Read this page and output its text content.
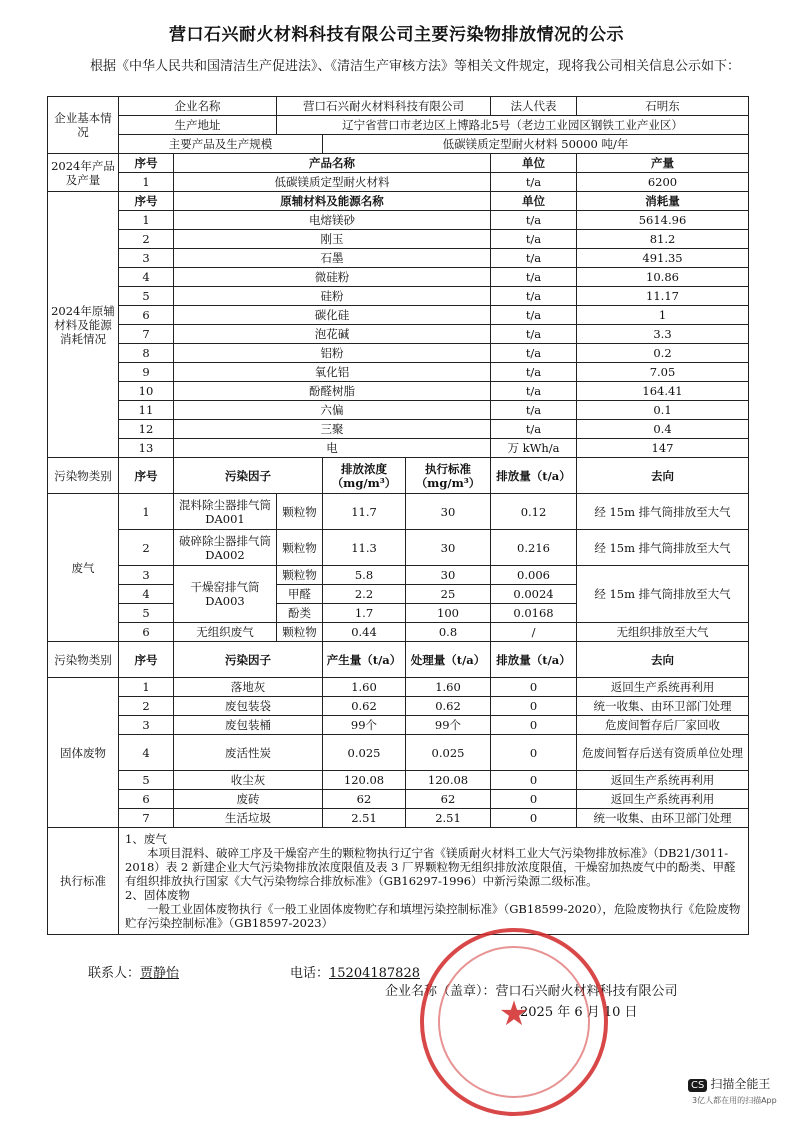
营口石兴耐火材料科技有限公司主要污染物排放情况的公示
根据《中华人民共和国清洁生产促进法》、《清洁生产审核方法》等相关文件规定，现将我公司相关信息公示如下：
企业基本情况	企业名称		营口石兴耐火材料科技有限公司			法人代表	石明东
	生产地址		辽宁省营口市老边区上博路北5号（老边工业园区钢铁工业产业区）				
	主要产品及生产规模			低碳镁质定型耐火材料 50000 吨/年			
2024年产品及产量	序号	产品名称				单位	产量
	1	低碳镁质定型耐火材料				t/a	6200
2024年原辅材料及能源消耗情况	序号	原辅材料及能源名称				单位	消耗量
	1	电熔镁砂				t/a	5614.96
	2	刚玉				t/a	81.2
	3	石墨				t/a	491.35
	4	微硅粉				t/a	10.86
	5	硅粉				t/a	11.17
	6	碳化硅				t/a	1
	7	泡花碱				t/a	3.3
	8	铝粉				t/a	0.2
	9	氧化铝				t/a	7.05
	10	酚醛树脂				t/a	164.41
	11	六偏				t/a	0.1
	12	三聚				t/a	0.4
	13	电				万 kWh/a	147
污染物类别	序号	污染因子		排放浓度（mg/m³）	执行标准（mg/m³）	排放量（t/a）	去向
废气	1	混料除尘器排气筒 DA001	颗粒物	11.7	30	0.12	经 15m 排气筒排放至大气
	2	破碎除尘器排气筒 DA002	颗粒物	11.3	30	0.216	经 15m 排气筒排放至大气
	3	干燥窑排气筒 DA003	颗粒物	5.8	30	0.006	经 15m 排气筒排放至大气
	4		甲醛	2.2	25	0.0024	
	5		酚类	1.7	100	0.0168	
	6	无组织废气	颗粒物	0.44	0.8	/	无组织排放至大气
污染物类别	序号	污染因子		产生量（t/a）	处理量（t/a）	排放量（t/a）	去向
固体废物	1	落地灰		1.60	1.60	0	返回生产系统再利用
	2	废包装袋		0.62	0.62	0	统一收集、由环卫部门处理
	3	废包装桶		99个	99个	0	危废间暂存后厂家回收
	4	废活性炭		0.025	0.025	0	危废间暂存后送有资质单位处理
	5	收尘灰		120.08	120.08	0	返回生产系统再利用
	6	废砖		62	62	0	返回生产系统再利用
	7	生活垃圾		2.51	2.51	0	统一收集、由环卫部门处理
执行标准	1、废气
本项目混料、破碎工序及干燥窑产生的颗粒物执行辽宁省《镁质耐火材料工业大气污染物排放标准》（DB21/3011-2018）表 2 新建企业大气污染物排放浓度限值及表 3 厂界颗粒物无组织排放浓度限值，干燥窑加热废气中的酚类、甲醛有组织排放执行国家《大气污染物综合排放标准》（GB16297-1996）中新污染源二级标准。
2、固体废物
一般工业固体废物执行《一般工业固体废物贮存和填埋污染控制标准》（GB18599-2020），危险废物执行《危险废物贮存污染控制标准》（GB18597-2023）						
联系人：贾静怡	电话：15204187828
企业名称（盖章）：营口石兴耐火材料科技有限公司
2025 年 6 月 10 日
★
CS 扫描全能王
3亿人都在用的扫描App
